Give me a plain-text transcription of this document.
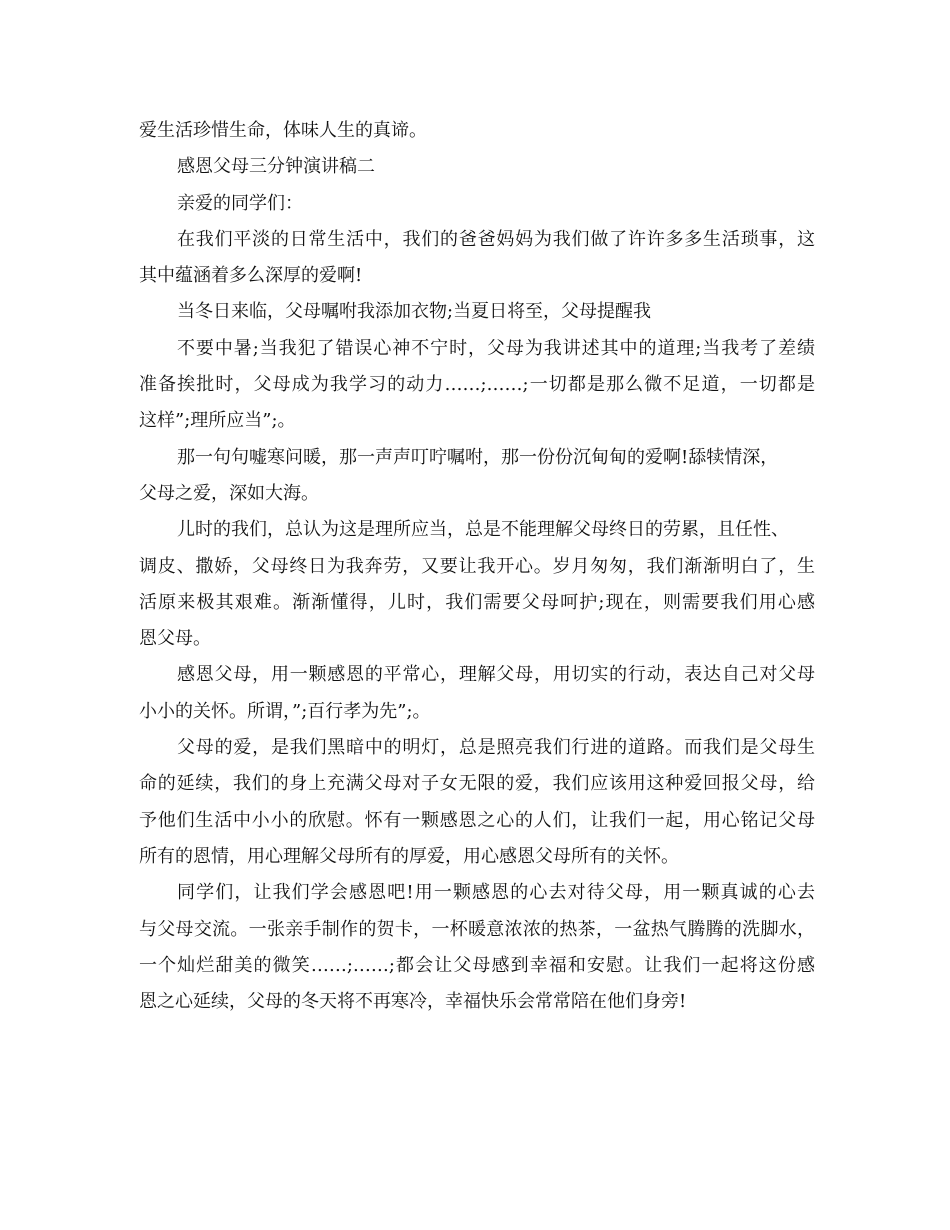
爱生活珍惜生命，体味人生的真谛。
感恩父母三分钟演讲稿二
亲爱的同学们：
在我们平淡的日常生活中，我们的爸爸妈妈为我们做了许许多多生活琐事，这
其中蕴涵着多么深厚的爱啊!
当冬日来临，父母嘱咐我添加衣物;当夏日将至，父母提醒我
不要中暑;当我犯了错误心神不宁时，父母为我讲述其中的道理;当我考了差绩
准备挨批时，父母成为我学习的动力……;……;一切都是那么微不足道，一切都是
这样”;理所应当”;。
那一句句嘘寒问暖，那一声声叮咛嘱咐，那一份份沉甸甸的爱啊!舔犊情深，
父母之爱，深如大海。
儿时的我们，总认为这是理所应当，总是不能理解父母终日的劳累，且任性、
调皮、撒娇，父母终日为我奔劳，又要让我开心。岁月匆匆，我们渐渐明白了，生
活原来极其艰难。渐渐懂得，儿时，我们需要父母呵护;现在，则需要我们用心感
恩父母。
感恩父母，用一颗感恩的平常心，理解父母，用切实的行动，表达自己对父母
小小的关怀。所谓，”;百行孝为先”;。
父母的爱，是我们黑暗中的明灯，总是照亮我们行进的道路。而我们是父母生
命的延续，我们的身上充满父母对子女无限的爱，我们应该用这种爱回报父母，给
予他们生活中小小的欣慰。怀有一颗感恩之心的人们，让我们一起，用心铭记父母
所有的恩情，用心理解父母所有的厚爱，用心感恩父母所有的关怀。
同学们，让我们学会感恩吧!用一颗感恩的心去对待父母，用一颗真诚的心去
与父母交流。一张亲手制作的贺卡，一杯暖意浓浓的热茶，一盆热气腾腾的洗脚水，
一个灿烂甜美的微笑……;……;都会让父母感到幸福和安慰。让我们一起将这份感
恩之心延续，父母的冬天将不再寒冷，幸福快乐会常常陪在他们身旁!
